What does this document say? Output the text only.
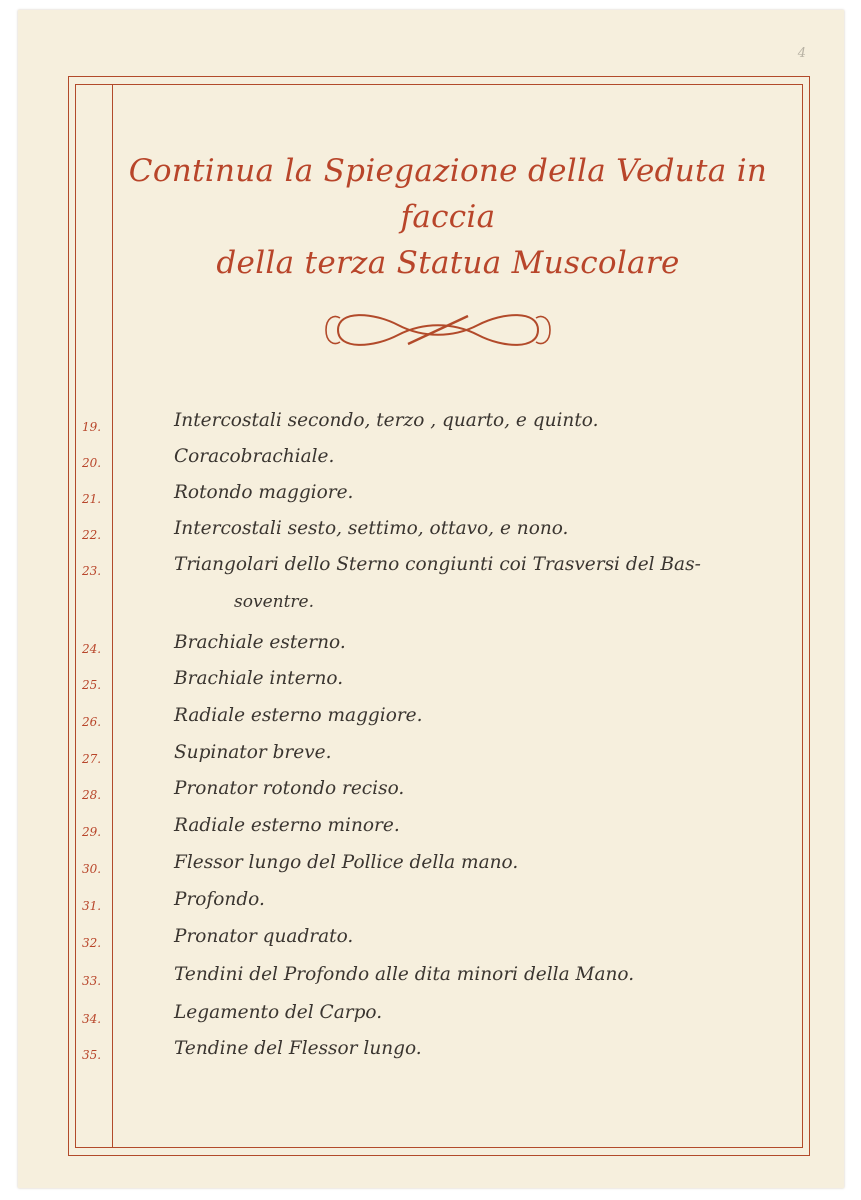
4
Continua la Spiegazione della Veduta in faccia
della terza Statua Muscolare
19.	Intercostali secondo, terzo , quarto, e quinto.
20.	Coracobrachiale.
21.	Rotondo maggiore.
22.	Intercostali sesto, settimo, ottavo, e nono.
23.	Triangolari dello Sterno congiunti coi Trasversi del Bas-
soventre.
24.	Brachiale esterno.
25.	Brachiale interno.
26.	Radiale esterno maggiore.
27.	Supinator breve.
28.	Pronator rotondo reciso.
29.	Radiale esterno minore.
30.	Flessor lungo del Pollice della mano.
31.	Profondo.
32.	Pronator quadrato.
33.	Tendini del Profondo alle dita minori della Mano.
34.	Legamento del Carpo.
35.	Tendine del Flessor lungo.
